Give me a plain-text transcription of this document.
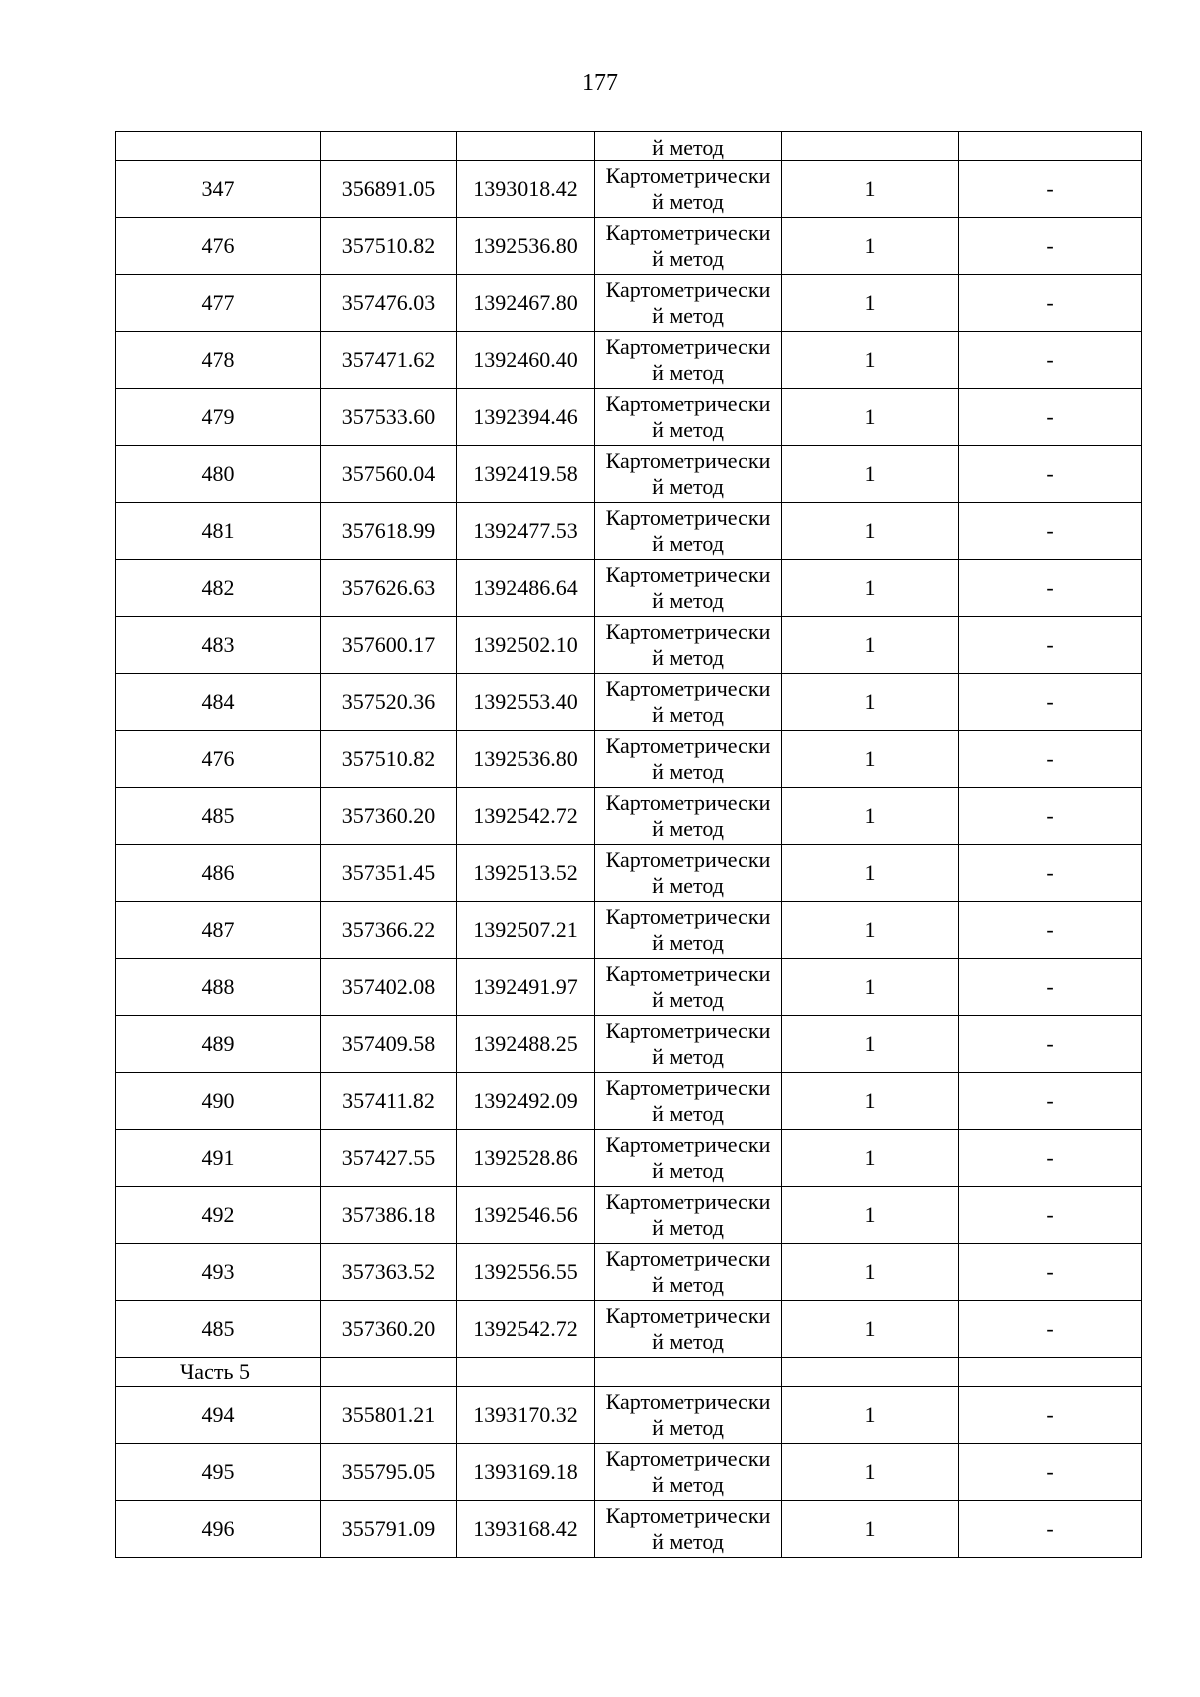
177
			й метод		
347	356891.05	1393018.42	Картометрически
й метод	1	-
476	357510.82	1392536.80	Картометрически
й метод	1	-
477	357476.03	1392467.80	Картометрически
й метод	1	-
478	357471.62	1392460.40	Картометрически
й метод	1	-
479	357533.60	1392394.46	Картометрически
й метод	1	-
480	357560.04	1392419.58	Картометрически
й метод	1	-
481	357618.99	1392477.53	Картометрически
й метод	1	-
482	357626.63	1392486.64	Картометрически
й метод	1	-
483	357600.17	1392502.10	Картометрически
й метод	1	-
484	357520.36	1392553.40	Картометрически
й метод	1	-
476	357510.82	1392536.80	Картометрически
й метод	1	-
485	357360.20	1392542.72	Картометрически
й метод	1	-
486	357351.45	1392513.52	Картометрически
й метод	1	-
487	357366.22	1392507.21	Картометрически
й метод	1	-
488	357402.08	1392491.97	Картометрически
й метод	1	-
489	357409.58	1392488.25	Картометрически
й метод	1	-
490	357411.82	1392492.09	Картометрически
й метод	1	-
491	357427.55	1392528.86	Картометрически
й метод	1	-
492	357386.18	1392546.56	Картометрически
й метод	1	-
493	357363.52	1392556.55	Картометрически
й метод	1	-
485	357360.20	1392542.72	Картометрически
й метод	1	-
Часть 5					
494	355801.21	1393170.32	Картометрически
й метод	1	-
495	355795.05	1393169.18	Картометрически
й метод	1	-
496	355791.09	1393168.42	Картометрически
й метод	1	-
